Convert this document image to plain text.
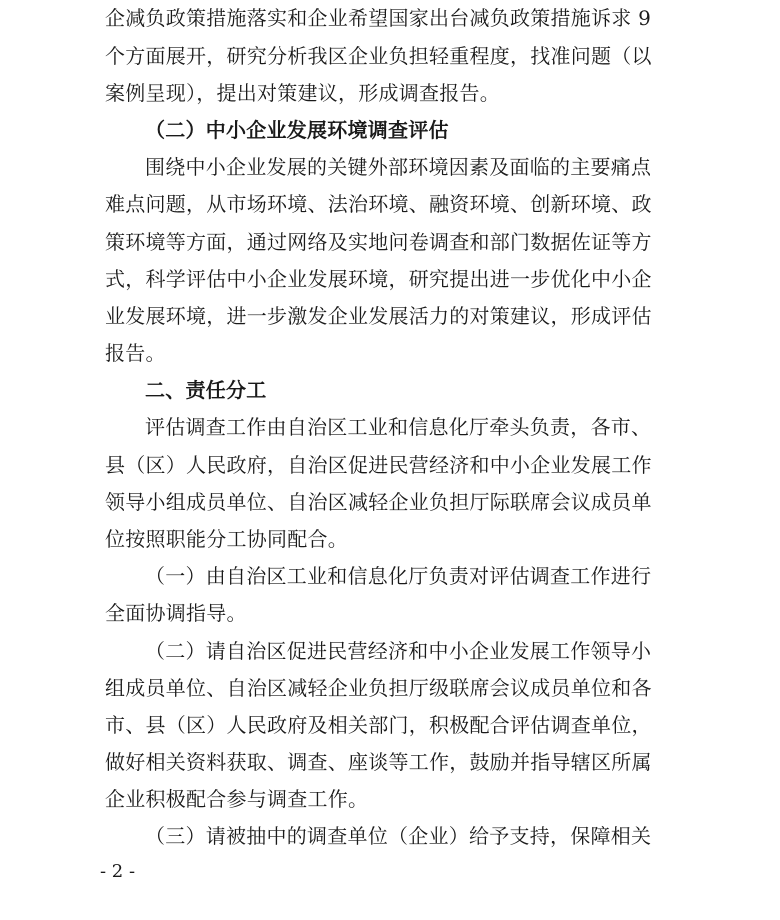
企减负政策措施落实和企业希望国家出台减负政策措施诉求 9
个方面展开，研究分析我区企业负担轻重程度，找准问题（以
案例呈现），提出对策建议，形成调查报告。
（二）中小企业发展环境调查评估
围绕中小企业发展的关键外部环境因素及面临的主要痛点
难点问题，从市场环境、法治环境、融资环境、创新环境、政
策环境等方面，通过网络及实地问卷调查和部门数据佐证等方
式，科学评估中小企业发展环境，研究提出进一步优化中小企
业发展环境，进一步激发企业发展活力的对策建议，形成评估
报告。
二、责任分工
评估调查工作由自治区工业和信息化厅牵头负责，各市、
县（区）人民政府，自治区促进民营经济和中小企业发展工作
领导小组成员单位、自治区减轻企业负担厅际联席会议成员单
位按照职能分工协同配合。
（一）由自治区工业和信息化厅负责对评估调查工作进行
全面协调指导。
（二）请自治区促进民营经济和中小企业发展工作领导小
组成员单位、自治区减轻企业负担厅级联席会议成员单位和各
市、县（区）人民政府及相关部门，积极配合评估调查单位，
做好相关资料获取、调查、座谈等工作，鼓励并指导辖区所属
企业积极配合参与调查工作。
（三）请被抽中的调查单位（企业）给予支持，保障相关
- 2 -
